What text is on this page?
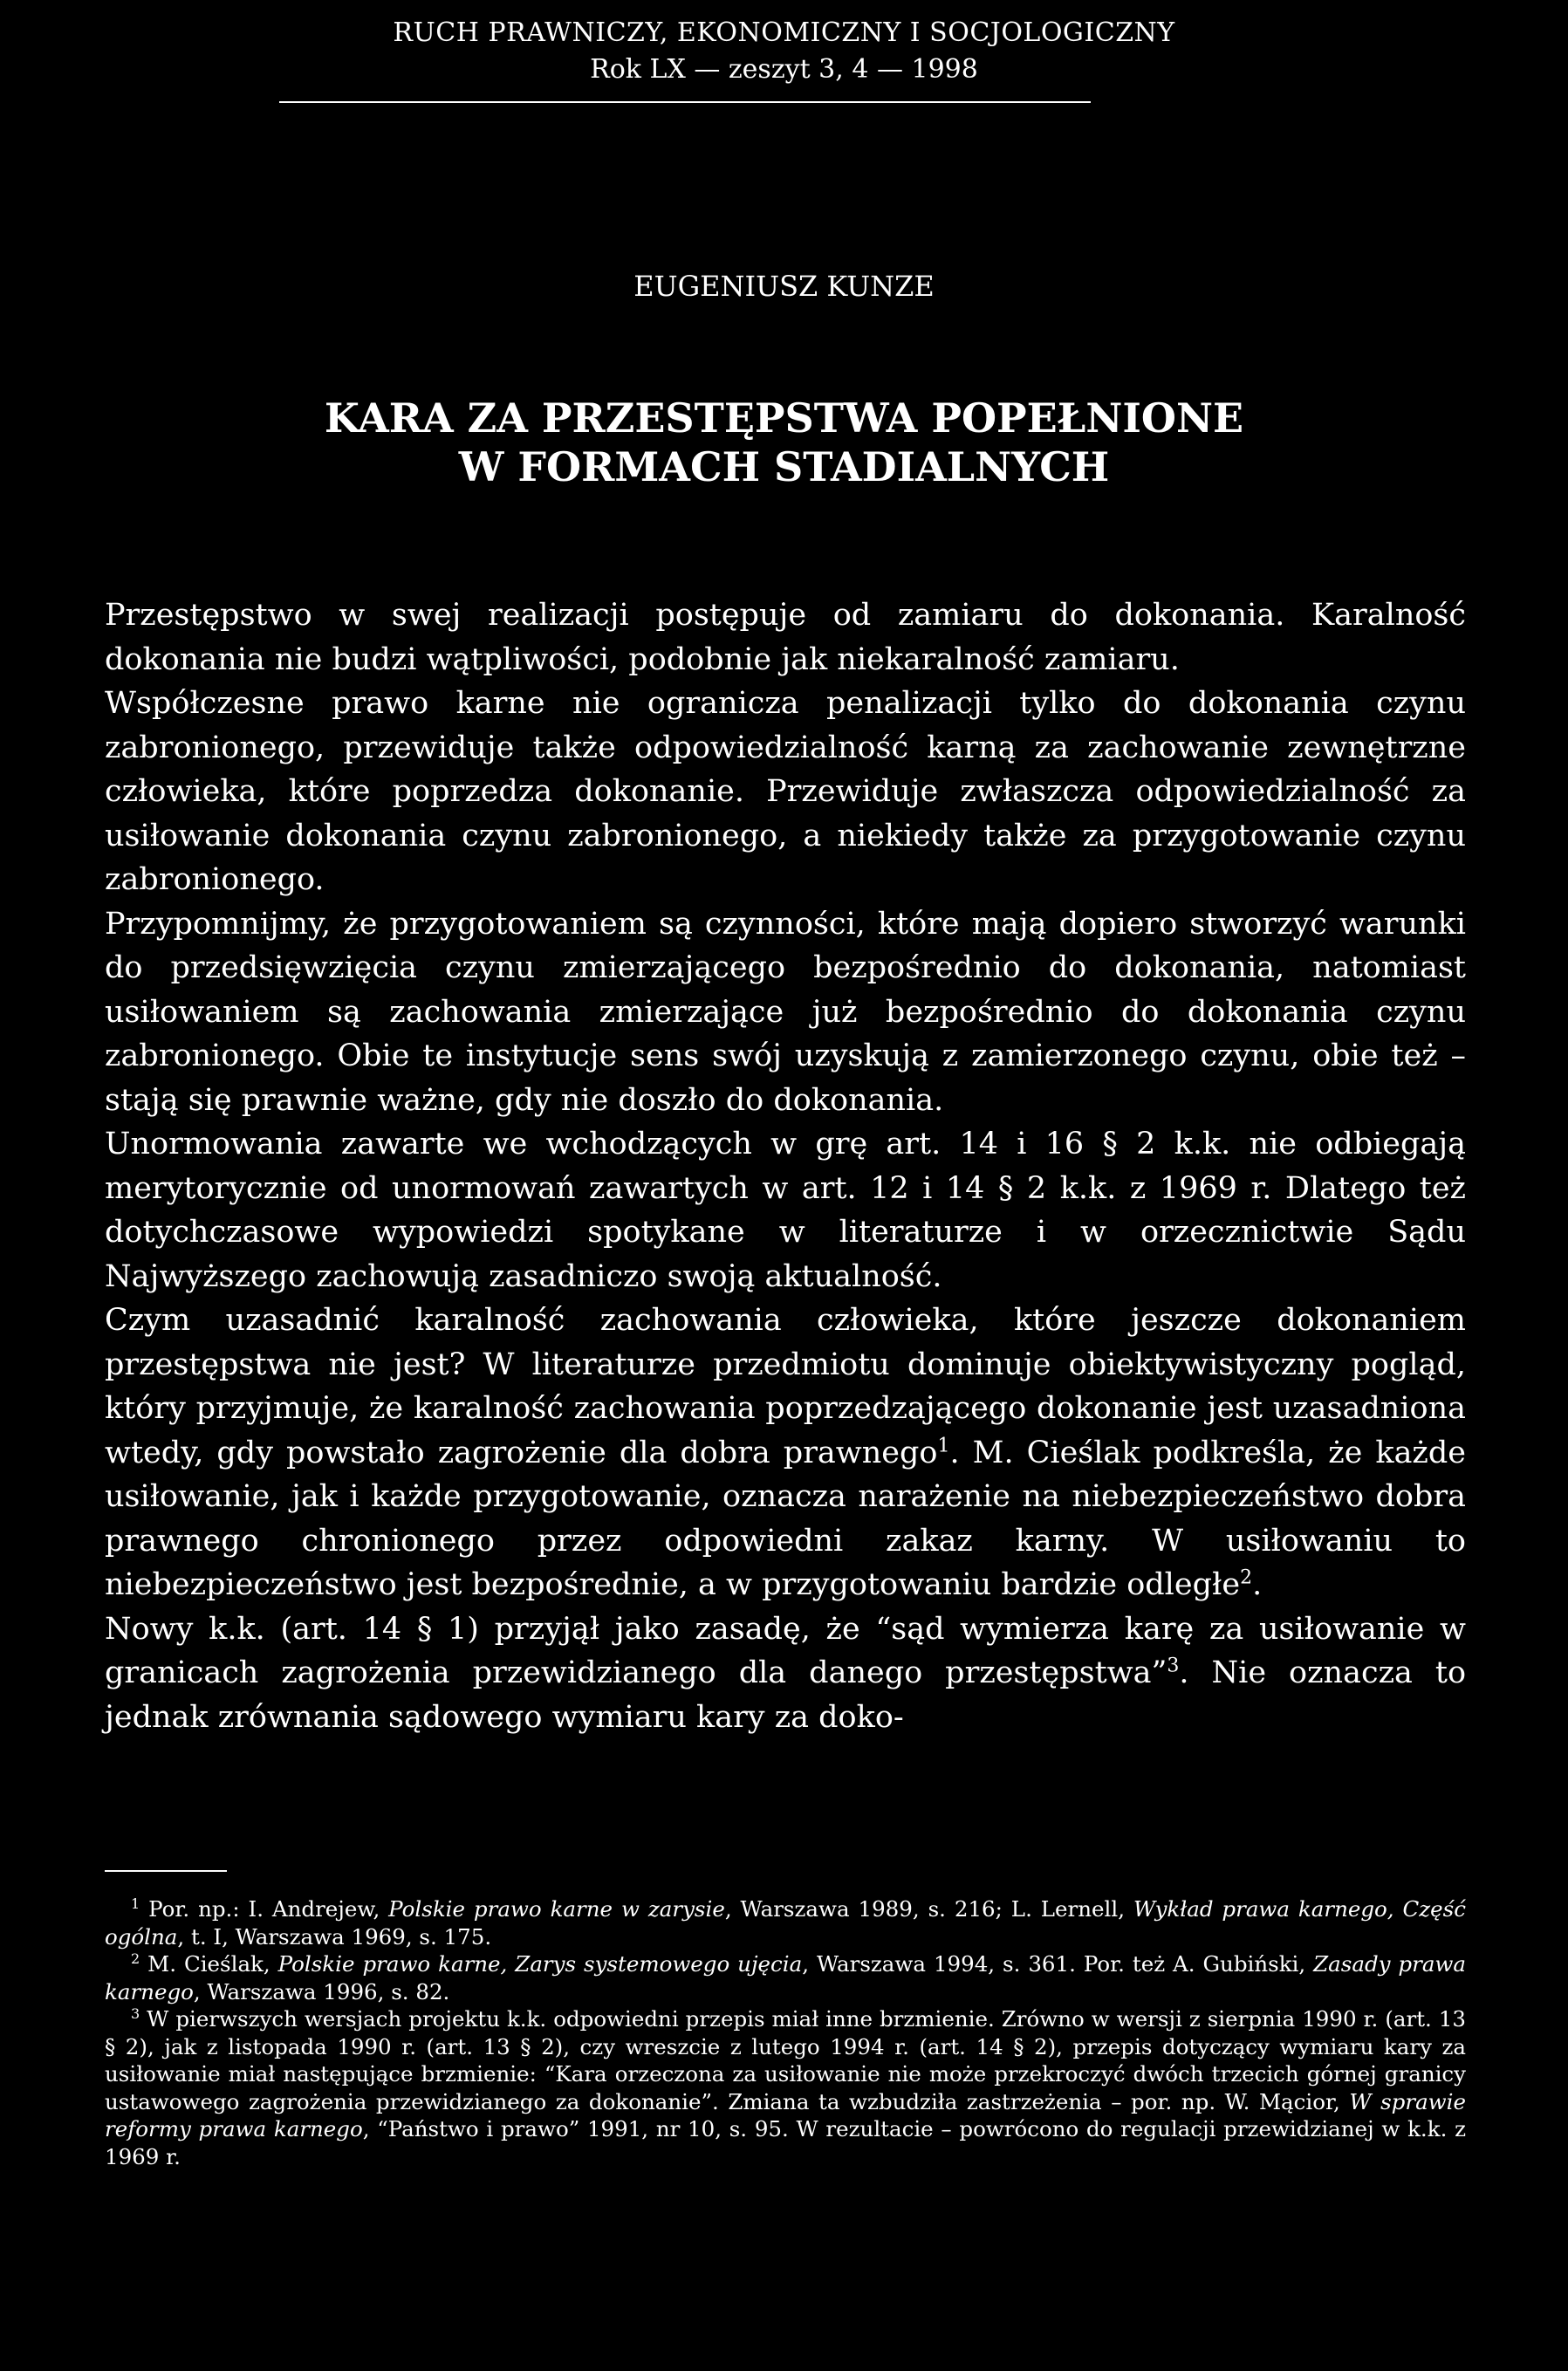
RUCH PRAWNICZY, EKONOMICZNY I SOCJOLOGICZNY
Rok LX — zeszyt 3, 4 — 1998
EUGENIUSZ KUNZE
KARA ZA PRZESTĘPSTWA POPEŁNIONE
W FORMACH STADIALNYCH

Przestępstwo w swej realizacji postępuje od zamiaru do dokonania. Karalność dokonania nie budzi wątpliwości, podobnie jak niekaralność zamiaru.

Współczesne prawo karne nie ogranicza penalizacji tylko do dokonania czynu zabronionego, przewiduje także odpowiedzialność karną za zachowanie zewnętrzne człowieka, które poprzedza dokonanie. Przewiduje zwłaszcza odpowiedzialność za usiłowanie dokonania czynu zabronionego, a niekiedy także za przygotowanie czynu zabronionego.

Przypomnijmy, że przygotowaniem są czynności, które mają dopiero stworzyć warunki do przedsięwzięcia czynu zmierzającego bezpośrednio do dokonania, natomiast usiłowaniem są zachowania zmierzające już bezpośrednio do dokonania czynu zabronionego. Obie te instytucje sens swój uzyskują z zamierzonego czynu, obie też – stają się prawnie ważne, gdy nie doszło do dokonania.

Unormowania zawarte we wchodzących w grę art. 14 i 16 § 2 k.k. nie odbiegają merytorycznie od unormowań zawartych w art. 12 i 14 § 2 k.k. z 1969 r. Dlatego też dotychczasowe wypowiedzi spotykane w literaturze i w orzecznictwie Sądu Najwyższego zachowują zasadniczo swoją aktualność.

Czym uzasadnić karalność zachowania człowieka, które jeszcze dokonaniem przestępstwa nie jest? W literaturze przedmiotu dominuje obiektywistyczny pogląd, który przyjmuje, że karalność zachowania poprzedzającego dokonanie jest uzasadniona wtedy, gdy powstało zagrożenie dla dobra prawnego$^1$. M. Cieślak podkreśla, że każde usiłowanie, jak i każde przygotowanie, oznacza narażenie na niebezpieczeństwo dobra prawnego chronionego przez odpowiedni zakaz karny. W usiłowaniu to niebezpieczeństwo jest bezpośrednie, a w przygotowaniu bardzie odległe$^2$.

Nowy k.k. (art. 14 § 1) przyjął jako zasadę, że “sąd wymierza karę za usiłowanie w granicach zagrożenia przewidzianego dla danego przestępstwa”$^3$. Nie oznacza to jednak zrównania sądowego wymiaru kary za doko-

$^1$ Por. np.: I. Andrejew, Polskie prawo karne w zarysie, Warszawa 1989, s. 216; L. Lernell, Wykład prawa karnego, Część ogólna, t. I, Warszawa 1969, s. 175.

$^2$ M. Cieślak, Polskie prawo karne, Zarys systemowego ujęcia, Warszawa 1994, s. 361. Por. też A. Gubiński, Zasady prawa karnego, Warszawa 1996, s. 82.

$^3$ W pierwszych wersjach projektu k.k. odpowiedni przepis miał inne brzmienie. Zrówno w wersji z sierpnia 1990 r. (art. 13 § 2), jak z listopada 1990 r. (art. 13 § 2), czy wreszcie z lutego 1994 r. (art. 14 § 2), przepis dotyczący wymiaru kary za usiłowanie miał następujące brzmienie: “Kara orzeczona za usiłowanie nie może przekroczyć dwóch trzecich górnej granicy ustawowego zagrożenia przewidzianego za dokonanie”. Zmiana ta wzbudziła zastrzeżenia – por. np. W. Mącior, W sprawie reformy prawa karnego, “Państwo i prawo” 1991, nr 10, s. 95. W rezultacie – powrócono do regulacji przewidzianej w k.k. z 1969 r.
